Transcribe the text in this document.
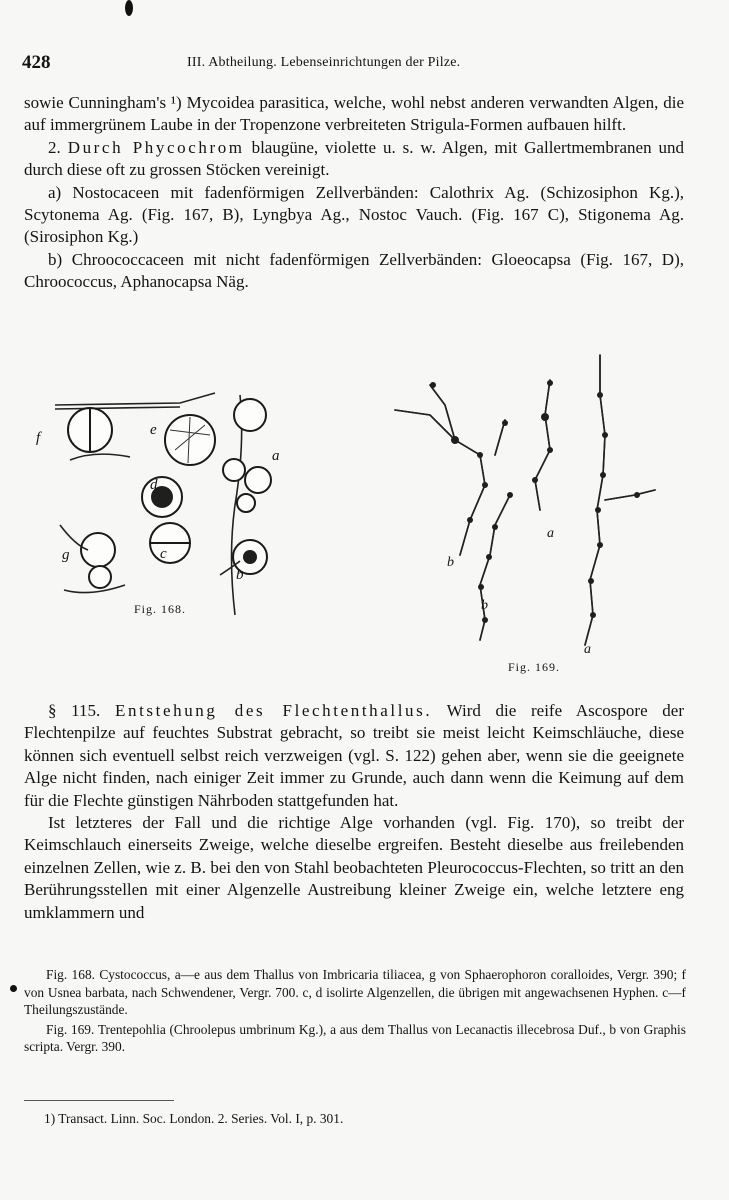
428	III. Abtheilung. Lebenseinrichtungen der Pilze.

sowie Cunningham's ¹) Mycoidea parasitica, welche, wohl nebst anderen verwandten Algen, die auf immergrünem Laube in der Tropenzone verbreiteten Strigula-Formen aufbauen hilft.

2. Durch Phycochrom blaugüne, violette u. s. w. Algen, mit Gallertmembranen und durch diese oft zu grossen Stöcken vereinigt.

a) Nostocaceen mit fadenförmigen Zellverbänden: Calothrix Ag. (Schizosiphon Kg.), Scytonema Ag. (Fig. 167, B), Lyngbya Ag., Nostoc Vauch. (Fig. 167 C), Stigonema Ag. (Sirosiphon Kg.)

b) Chroococcaceen mit nicht fadenförmigen Zellverbänden: Gloeocapsa (Fig. 167, D), Chroococcus, Aphanocapsa Näg.

f	e
a
d
g	c
b
Fig. 168.
b
a
b
a
Fig. 169.

§ 115. Entstehung des Flechtenthallus. Wird die reife Ascospore der Flechtenpilze auf feuchtes Substrat gebracht, so treibt sie meist leicht Keimschläuche, diese können sich eventuell selbst reich verzweigen (vgl. S. 122) gehen aber, wenn sie die geeignete Alge nicht finden, nach einiger Zeit immer zu Grunde, auch dann wenn die Keimung auf dem für die Flechte günstigen Nährboden stattgefunden hat.

Ist letzteres der Fall und die richtige Alge vorhanden (vgl. Fig. 170), so treibt der Keimschlauch einerseits Zweige, welche dieselbe ergreifen. Besteht dieselbe aus freilebenden einzelnen Zellen, wie z. B. bei den von Stahl beobachteten Pleurococcus-Flechten, so tritt an den Berührungsstellen mit einer Algenzelle Austreibung kleiner Zweige ein, welche letztere eng umklammern und

Fig. 168. Cystococcus, a—e aus dem Thallus von Imbricaria tiliacea, g von Sphaerophoron coralloides, Vergr. 390; f von Usnea barbata, nach Schwendener, Vergr. 700. c, d isolirte Algenzellen, die übrigen mit angewachsenen Hyphen. c—f Theilungszustände.

Fig. 169. Trentepohlia (Chroolepus umbrinum Kg.), a aus dem Thallus von Lecanactis illecebrosa Duf., b von Graphis scripta. Vergr. 390.

1) Transact. Linn. Soc. London. 2. Series. Vol. I, p. 301.
